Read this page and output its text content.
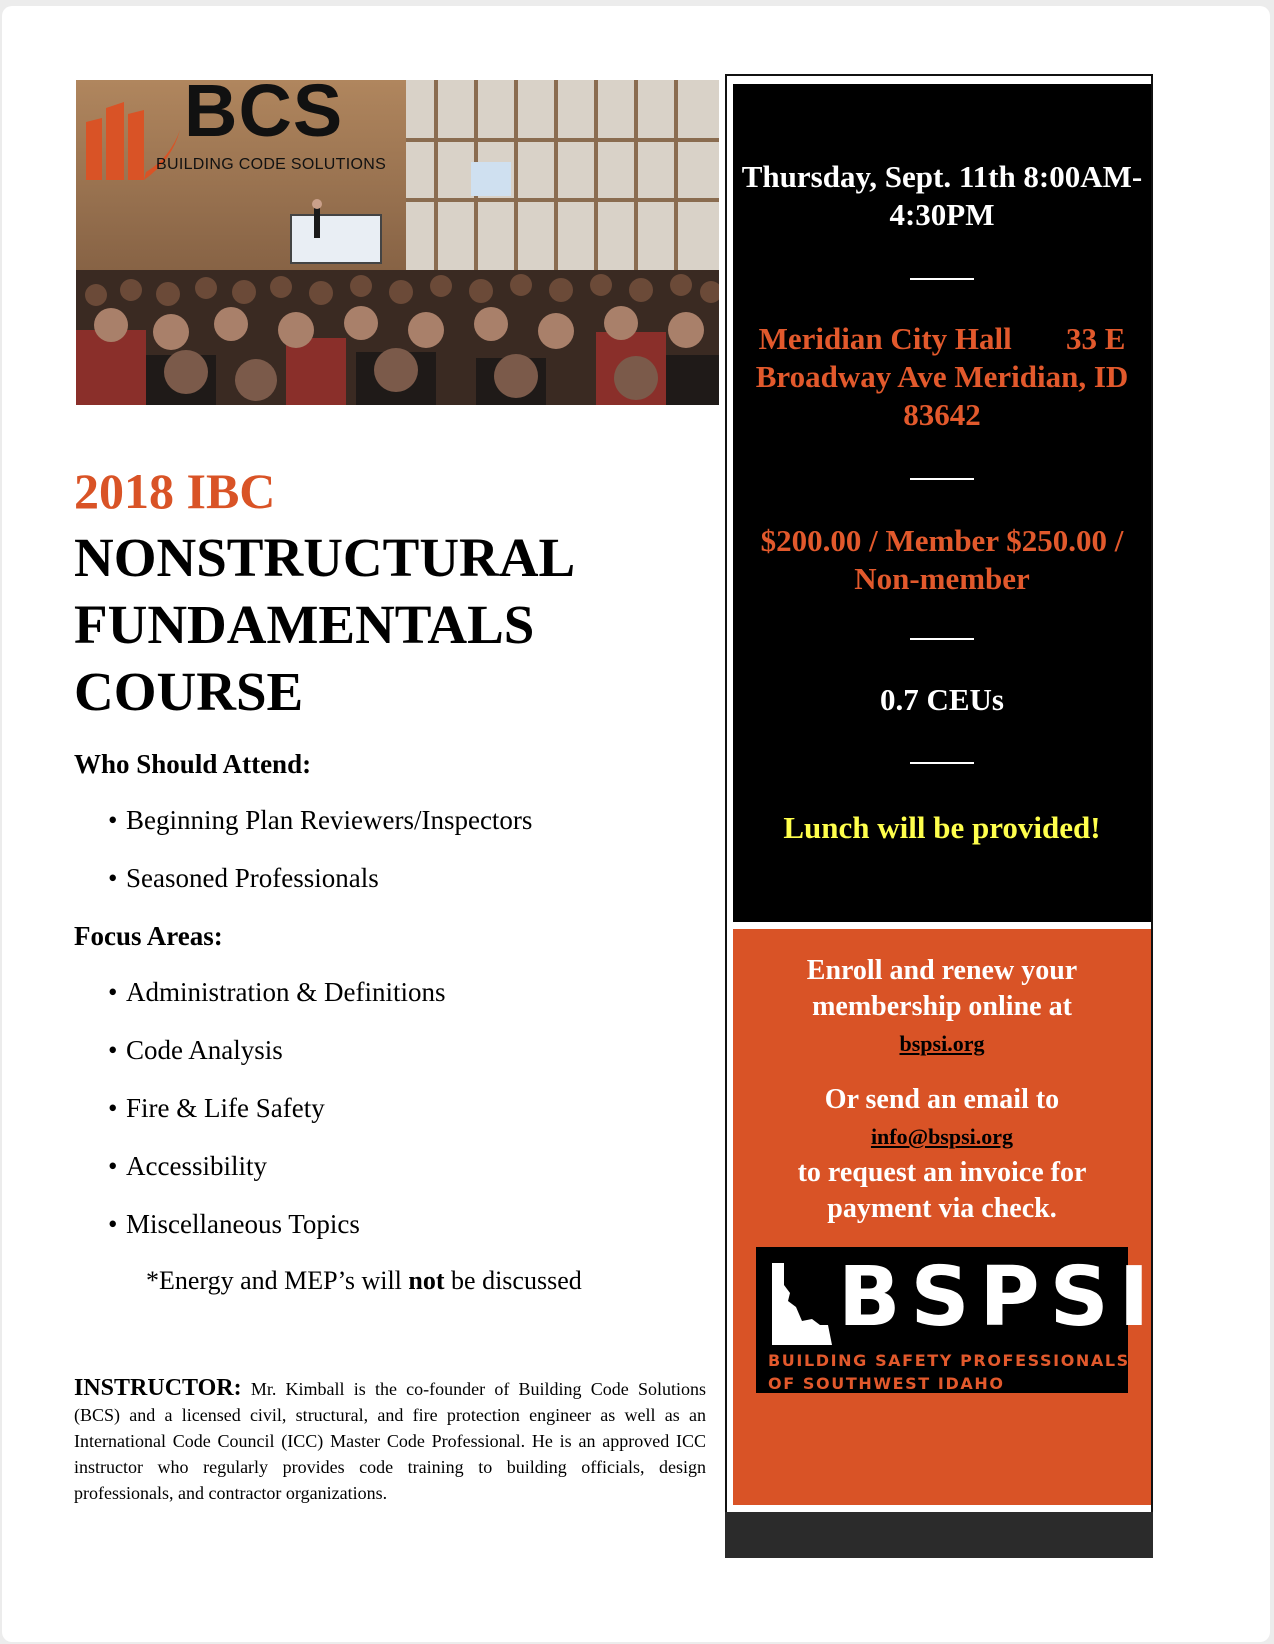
BCS
BUILDING CODE SOLUTIONS
2018 IBC
NONSTRUCTURAL
FUNDAMENTALS
COURSE
Who Should Attend:
• Beginning Plan Reviewers/Inspectors
• Seasoned Professionals
Focus Areas:
• Administration & Definitions
• Code Analysis
• Fire & Life Safety
• Accessibility
• Miscellaneous Topics
*Energy and MEP’s will not be discussed
INSTRUCTOR: Mr. Kimball is the co-founder of Building Code Solutions (BCS) and a licensed civil, structural, and fire protection engineer as well as an International Code Council (ICC) Master Code Professional. He is an approved ICC instructor who regularly provides code training to building officials, design professionals, and contractor organizations.
Thursday, Sept. 11th 8:00AM-
4:30PM
Meridian City Hall       33 E
Broadway Ave Meridian, ID
83642
$200.00 / Member $250.00 /
Non-member
0.7 CEUs
Lunch will be provided!
Enroll and renew your
membership online at
bspsi.org
Or send an email to
info@bspsi.org
to request an invoice for
payment via check.
BSPSI
BUILDING SAFETY PROFESSIONALS
OF SOUTHWEST IDAHO
